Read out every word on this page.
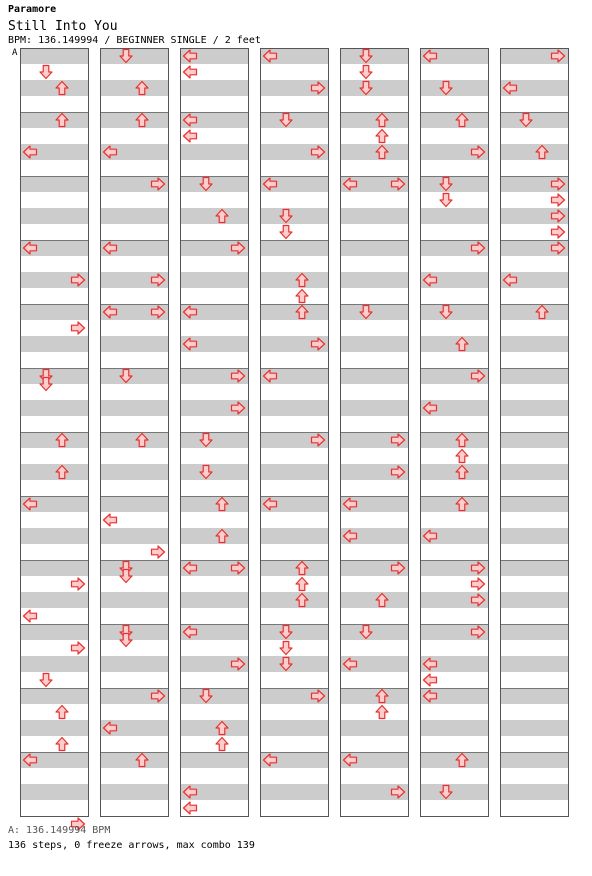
Paramore
Still Into You
BPM: 136.149994 / BEGINNER SINGLE / 2 feet
A
A: 136.149994 BPM
136 steps, 0 freeze arrows, max combo 139
